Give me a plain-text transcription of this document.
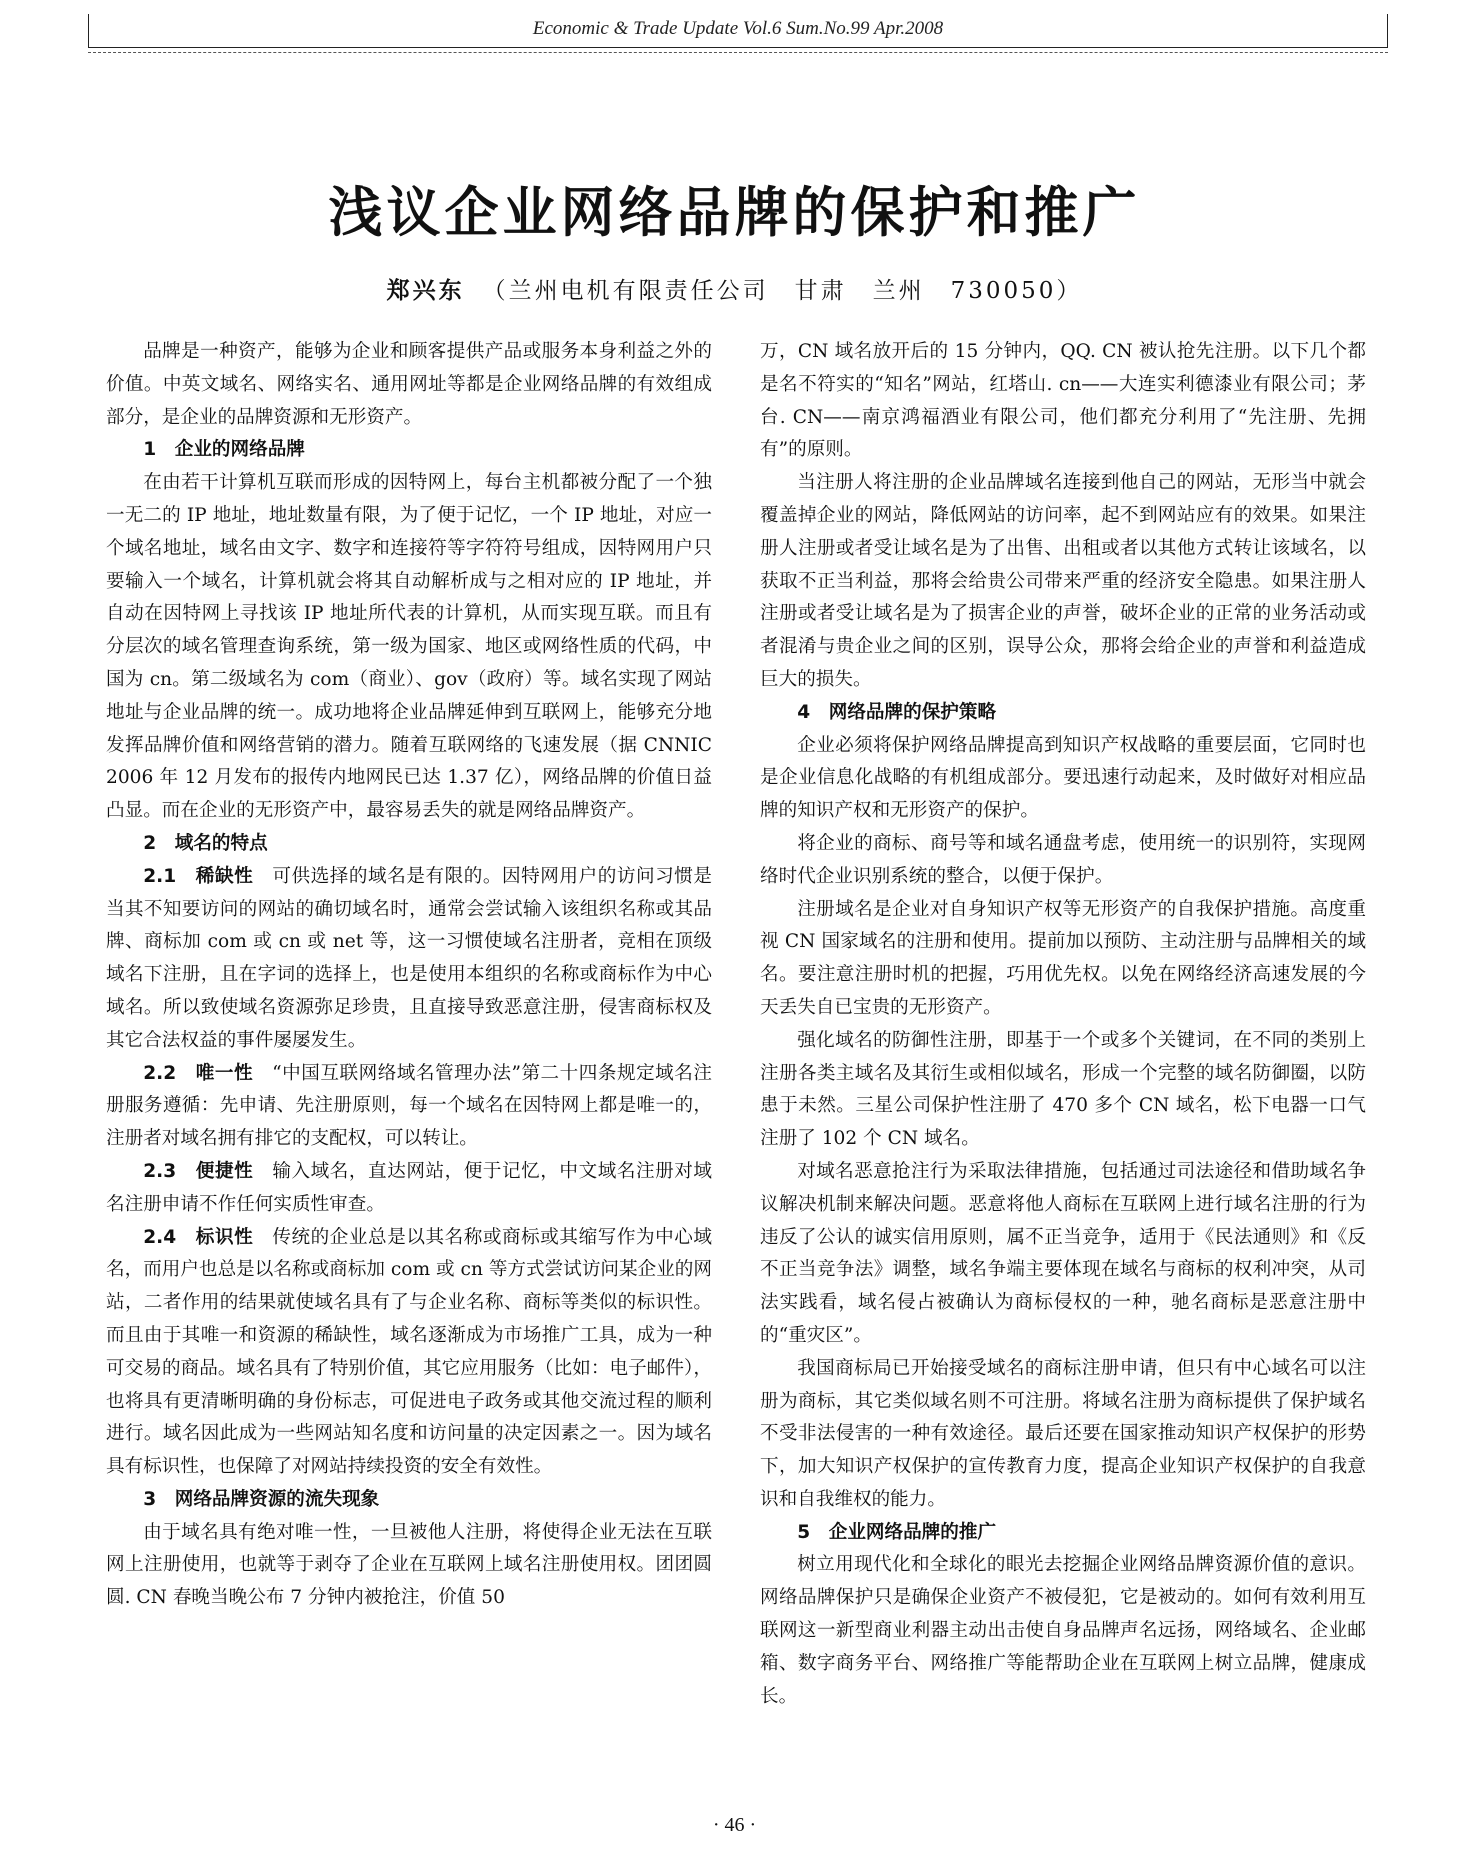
Economic & Trade Update Vol.6 Sum.No.99 Apr.2008
浅议企业网络品牌的保护和推广
郑兴东 （兰州电机有限责任公司　甘肃　兰州　730050）

品牌是一种资产，能够为企业和顾客提供产品或服务本身利益之外的价值。中英文域名、网络实名、通用网址等都是企业网络品牌的有效组成部分，是企业的品牌资源和无形资产。

1　企业的网络品牌

在由若干计算机互联而形成的因特网上，每台主机都被分配了一个独一无二的 IP 地址，地址数量有限，为了便于记忆，一个 IP 地址，对应一个域名地址，域名由文字、数字和连接符等字符符号组成，因特网用户只要输入一个域名，计算机就会将其自动解析成与之相对应的 IP 地址，并自动在因特网上寻找该 IP 地址所代表的计算机，从而实现互联。而且有分层次的域名管理查询系统，第一级为国家、地区或网络性质的代码，中国为 cn。第二级域名为 com（商业）、gov（政府）等。域名实现了网站地址与企业品牌的统一。成功地将企业品牌延伸到互联网上，能够充分地发挥品牌价值和网络营销的潜力。随着互联网络的飞速发展（据 CNNIC 2006 年 12 月发布的报传内地网民已达 1.37 亿），网络品牌的价值日益凸显。而在企业的无形资产中，最容易丢失的就是网络品牌资产。

2　域名的特点

2.1　稀缺性　可供选择的域名是有限的。因特网用户的访问习惯是当其不知要访问的网站的确切域名时，通常会尝试输入该组织名称或其品牌、商标加 com 或 cn 或 net 等，这一习惯使域名注册者，竞相在顶级域名下注册，且在字词的选择上，也是使用本组织的名称或商标作为中心域名。所以致使域名资源弥足珍贵，且直接导致恶意注册，侵害商标权及其它合法权益的事件屡屡发生。

2.2　唯一性　“中国互联网络域名管理办法”第二十四条规定域名注册服务遵循：先申请、先注册原则，每一个域名在因特网上都是唯一的，注册者对域名拥有排它的支配权，可以转让。

2.3　便捷性　输入域名，直达网站，便于记忆，中文域名注册对域名注册申请不作任何实质性审查。

2.4　标识性　传统的企业总是以其名称或商标或其缩写作为中心域名，而用户也总是以名称或商标加 com 或 cn 等方式尝试访问某企业的网站，二者作用的结果就使域名具有了与企业名称、商标等类似的标识性。而且由于其唯一和资源的稀缺性，域名逐渐成为市场推广工具，成为一种可交易的商品。域名具有了特别价值，其它应用服务（比如：电子邮件），也将具有更清晰明确的身份标志，可促进电子政务或其他交流过程的顺利进行。域名因此成为一些网站知名度和访问量的决定因素之一。因为域名具有标识性，也保障了对网站持续投资的安全有效性。

3　网络品牌资源的流失现象

由于域名具有绝对唯一性，一旦被他人注册，将使得企业无法在互联网上注册使用，也就等于剥夺了企业在互联网上域名注册使用权。团团圆圆. CN 春晚当晚公布 7 分钟内被抢注，价值 50

万，CN 域名放开后的 15 分钟内，QQ. CN 被认抢先注册。以下几个都是名不符实的“知名”网站，红塔山. cn——大连实利德漆业有限公司；茅台. CN——南京鸿福酒业有限公司，他们都充分利用了“先注册、先拥有”的原则。

当注册人将注册的企业品牌域名连接到他自己的网站，无形当中就会覆盖掉企业的网站，降低网站的访问率，起不到网站应有的效果。如果注册人注册或者受让域名是为了出售、出租或者以其他方式转让该域名，以获取不正当利益，那将会给贵公司带来严重的经济安全隐患。如果注册人注册或者受让域名是为了损害企业的声誉，破坏企业的正常的业务活动或者混淆与贵企业之间的区别，误导公众，那将会给企业的声誉和利益造成巨大的损失。

4　网络品牌的保护策略

企业必须将保护网络品牌提高到知识产权战略的重要层面，它同时也是企业信息化战略的有机组成部分。要迅速行动起来，及时做好对相应品牌的知识产权和无形资产的保护。

将企业的商标、商号等和域名通盘考虑，使用统一的识别符，实现网络时代企业识别系统的整合，以便于保护。

注册域名是企业对自身知识产权等无形资产的自我保护措施。高度重视 CN 国家域名的注册和使用。提前加以预防、主动注册与品牌相关的域名。要注意注册时机的把握，巧用优先权。以免在网络经济高速发展的今天丢失自已宝贵的无形资产。

强化域名的防御性注册，即基于一个或多个关键词，在不同的类别上注册各类主域名及其衍生或相似域名，形成一个完整的域名防御圈，以防患于未然。三星公司保护性注册了 470 多个 CN 域名，松下电器一口气注册了 102 个 CN 域名。

对域名恶意抢注行为采取法律措施，包括通过司法途径和借助域名争议解决机制来解决问题。恶意将他人商标在互联网上进行域名注册的行为违反了公认的诚实信用原则，属不正当竞争，适用于《民法通则》和《反不正当竞争法》调整，域名争端主要体现在域名与商标的权利冲突，从司法实践看，域名侵占被确认为商标侵权的一种，驰名商标是恶意注册中的“重灾区”。

我国商标局已开始接受域名的商标注册申请，但只有中心域名可以注册为商标，其它类似域名则不可注册。将域名注册为商标提供了保护域名不受非法侵害的一种有效途径。最后还要在国家推动知识产权保护的形势下，加大知识产权保护的宣传教育力度，提高企业知识产权保护的自我意识和自我维权的能力。

5　企业网络品牌的推广

树立用现代化和全球化的眼光去挖掘企业网络品牌资源价值的意识。网络品牌保护只是确保企业资产不被侵犯，它是被动的。如何有效利用互联网这一新型商业利器主动出击使自身品牌声名远扬，网络域名、企业邮箱、数字商务平台、网络推广等能帮助企业在互联网上树立品牌，健康成长。

· 46 ·
